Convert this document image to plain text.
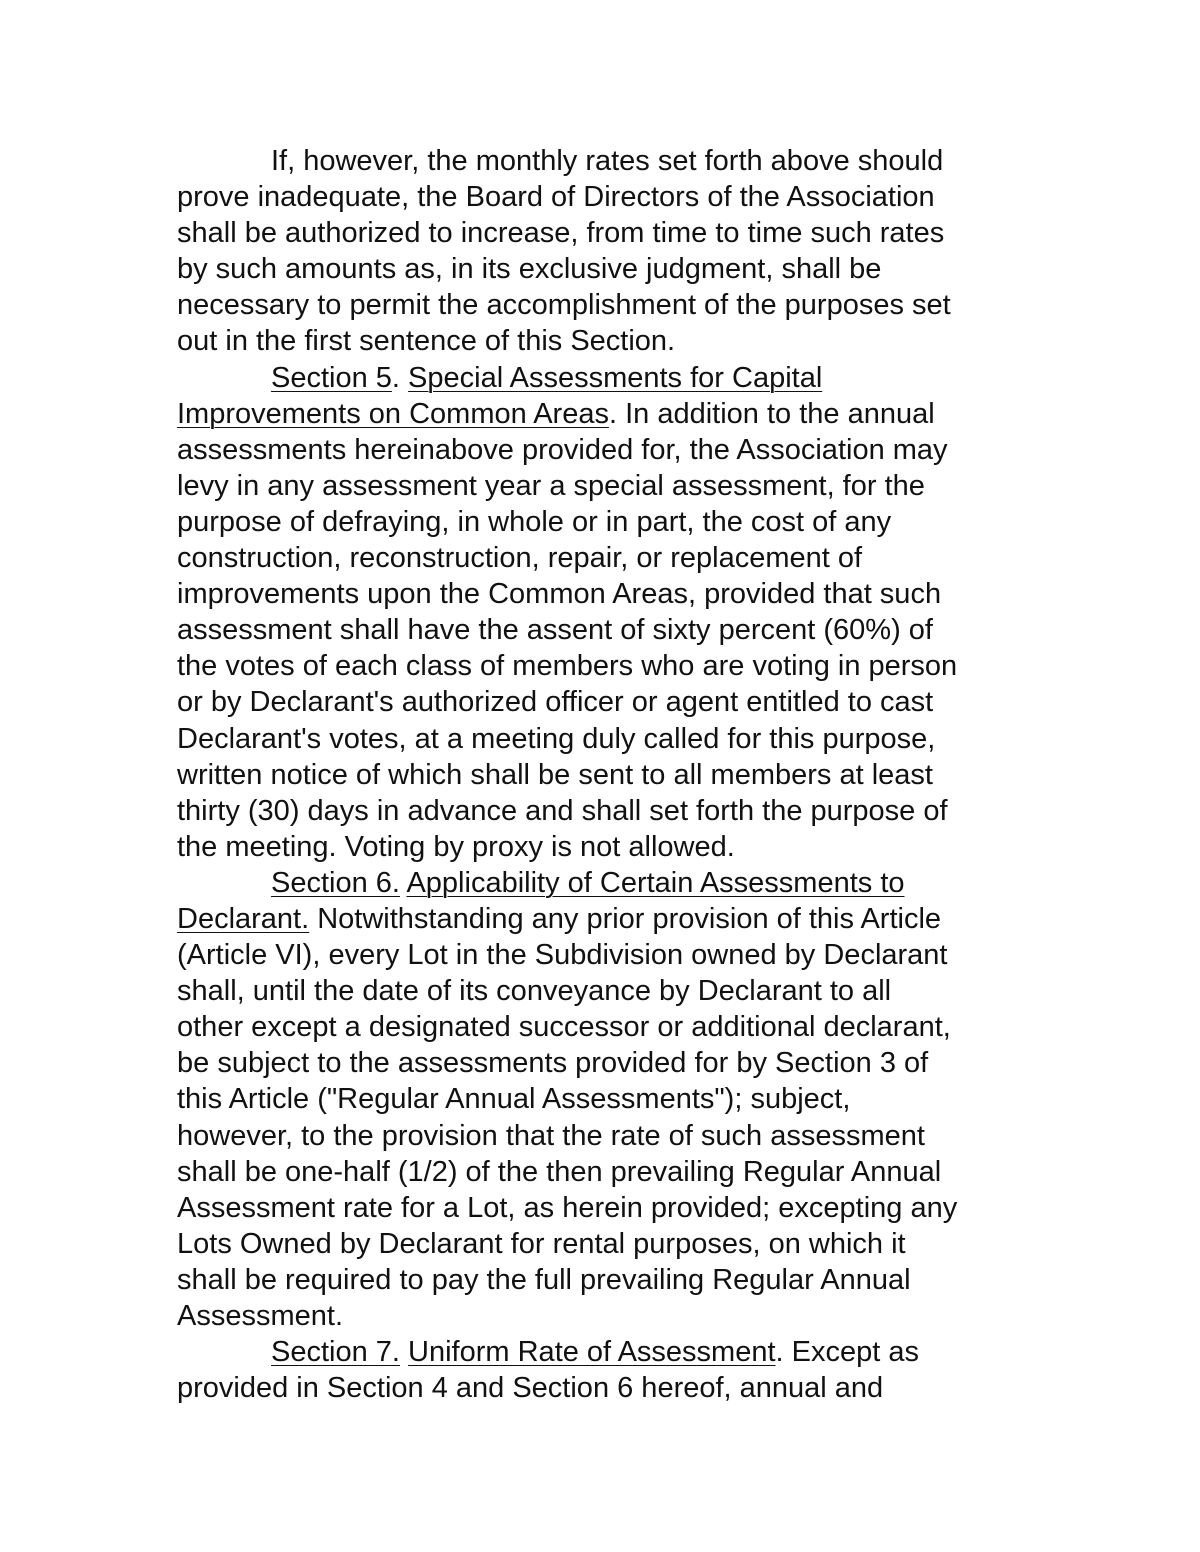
If, however, the monthly rates set forth above should
prove inadequate, the Board of Directors of the Association
shall be authorized to increase, from time to time such rates
by such amounts as, in its exclusive judgment, shall be
necessary to permit the accomplishment of the purposes set
out in the first sentence of this Section.
Section 5. Special Assessments for Capital
Improvements on Common Areas. In addition to the annual
assessments hereinabove provided for, the Association may
levy in any assessment year a special assessment, for the
purpose of defraying, in whole or in part, the cost of any
construction, reconstruction, repair, or replacement of
improvements upon the Common Areas, provided that such
assessment shall have the assent of sixty percent (60%) of
the votes of each class of members who are voting in person
or by Declarant's authorized officer or agent entitled to cast
Declarant's votes, at a meeting duly called for this purpose,
written notice of which shall be sent to all members at least
thirty (30) days in advance and shall set forth the purpose of
the meeting. Voting by proxy is not allowed.
Section 6. Applicability of Certain Assessments to
Declarant. Notwithstanding any prior provision of this Article
(Article VI), every Lot in the Subdivision owned by Declarant
shall, until the date of its conveyance by Declarant to all
other except a designated successor or additional declarant,
be subject to the assessments provided for by Section 3 of
this Article ("Regular Annual Assessments"); subject,
however, to the provision that the rate of such assessment
shall be one-half (1/2) of the then prevailing Regular Annual
Assessment rate for a Lot, as herein provided; excepting any
Lots Owned by Declarant for rental purposes, on which it
shall be required to pay the full prevailing Regular Annual
Assessment.
Section 7. Uniform Rate of Assessment. Except as
provided in Section 4 and Section 6 hereof, annual and
